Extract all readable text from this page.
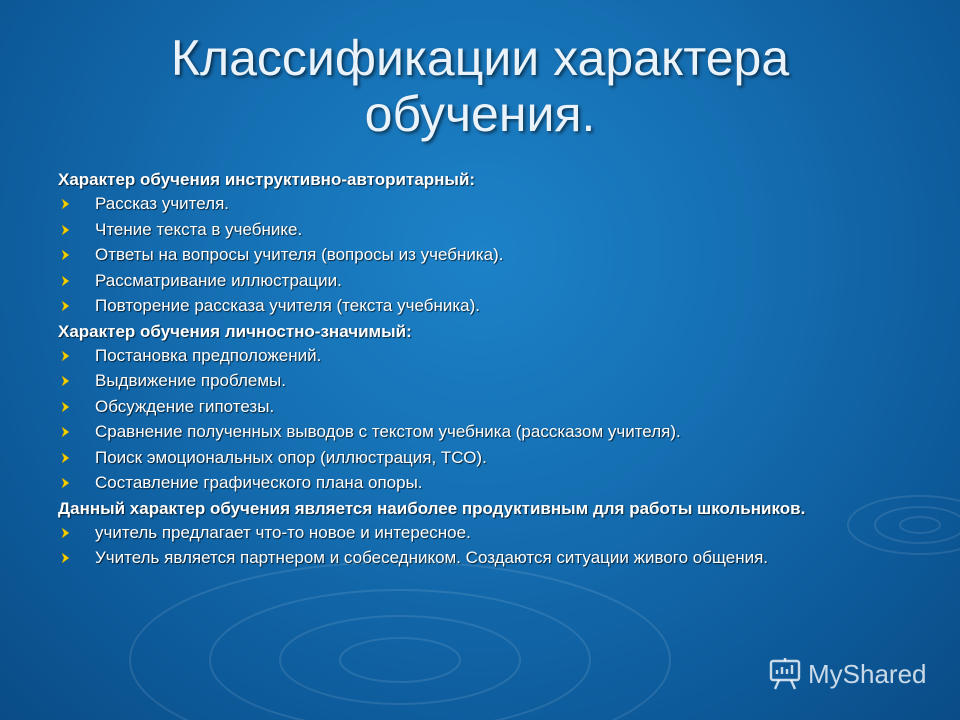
Классификации характера
обучения.
Характер обучения инструктивно-авторитарный:
Рассказ учителя.
Чтение текста в учебнике.
Ответы на вопросы учителя (вопросы из учебника).
Рассматривание иллюстрации.
Повторение рассказа учителя (текста учебника).
Характер обучения личностно-значимый:
Постановка предположений.
Выдвижение проблемы.
Обсуждение гипотезы.
Сравнение полученных выводов с текстом учебника (рассказом учителя).
Поиск эмоциональных опор (иллюстрация, ТСО).
Составление графического плана опоры.
Данный характер обучения является наиболее продуктивным для работы школьников.
учитель предлагает что-то новое и интересное.
Учитель является партнером и собеседником. Создаются ситуации живого общения.
MyShared
